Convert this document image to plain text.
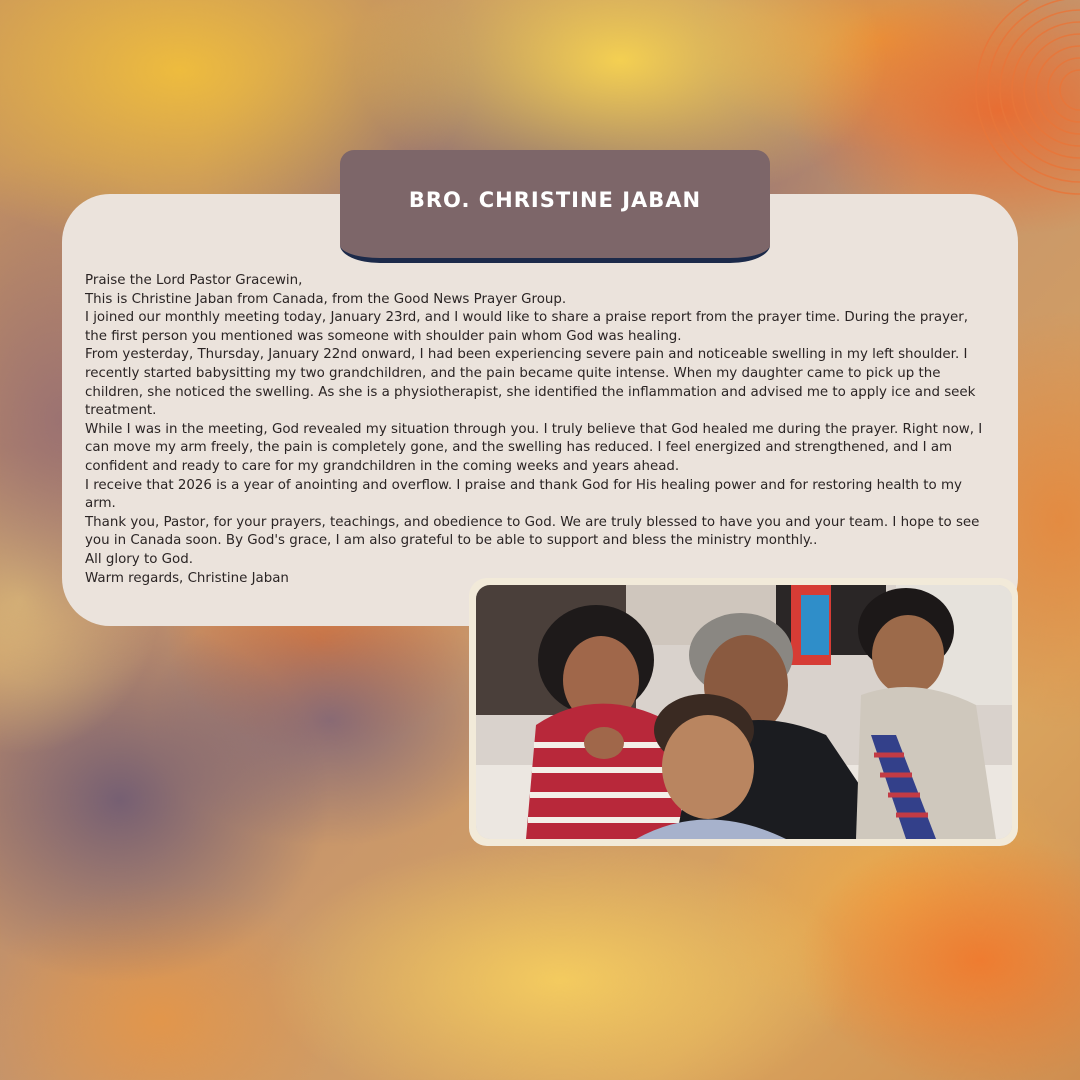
BRO. CHRISTINE JABAN

Praise the Lord Pastor Gracewin,

This is Christine Jaban from Canada, from the Good News Prayer Group.

I joined our monthly meeting today, January 23rd, and I would like to share a praise report from the prayer time. During the prayer, the first person you mentioned was someone with shoulder pain whom God was healing.

From yesterday, Thursday, January 22nd onward, I had been experiencing severe pain and noticeable swelling in my left shoulder. I recently started babysitting my two grandchildren, and the pain became quite intense. When my daughter came to pick up the children, she noticed the swelling. As she is a physiotherapist, she identified the inflammation and advised me to apply ice and seek treatment.

While I was in the meeting, God revealed my situation through you. I truly believe that God healed me during the prayer. Right now, I can move my arm freely, the pain is completely gone, and the swelling has reduced. I feel energized and strengthened, and I am confident and ready to care for my grandchildren in the coming weeks and years ahead.

I receive that 2026 is a year of anointing and overflow. I praise and thank God for His healing power and for restoring health to my arm.

Thank you, Pastor, for your prayers, teachings, and obedience to God. We are truly blessed to have you and your team. I hope to see you in Canada soon. By God's grace, I am also grateful to be able to support and bless the ministry monthly..

All glory to God.

Warm regards, Christine Jaban
